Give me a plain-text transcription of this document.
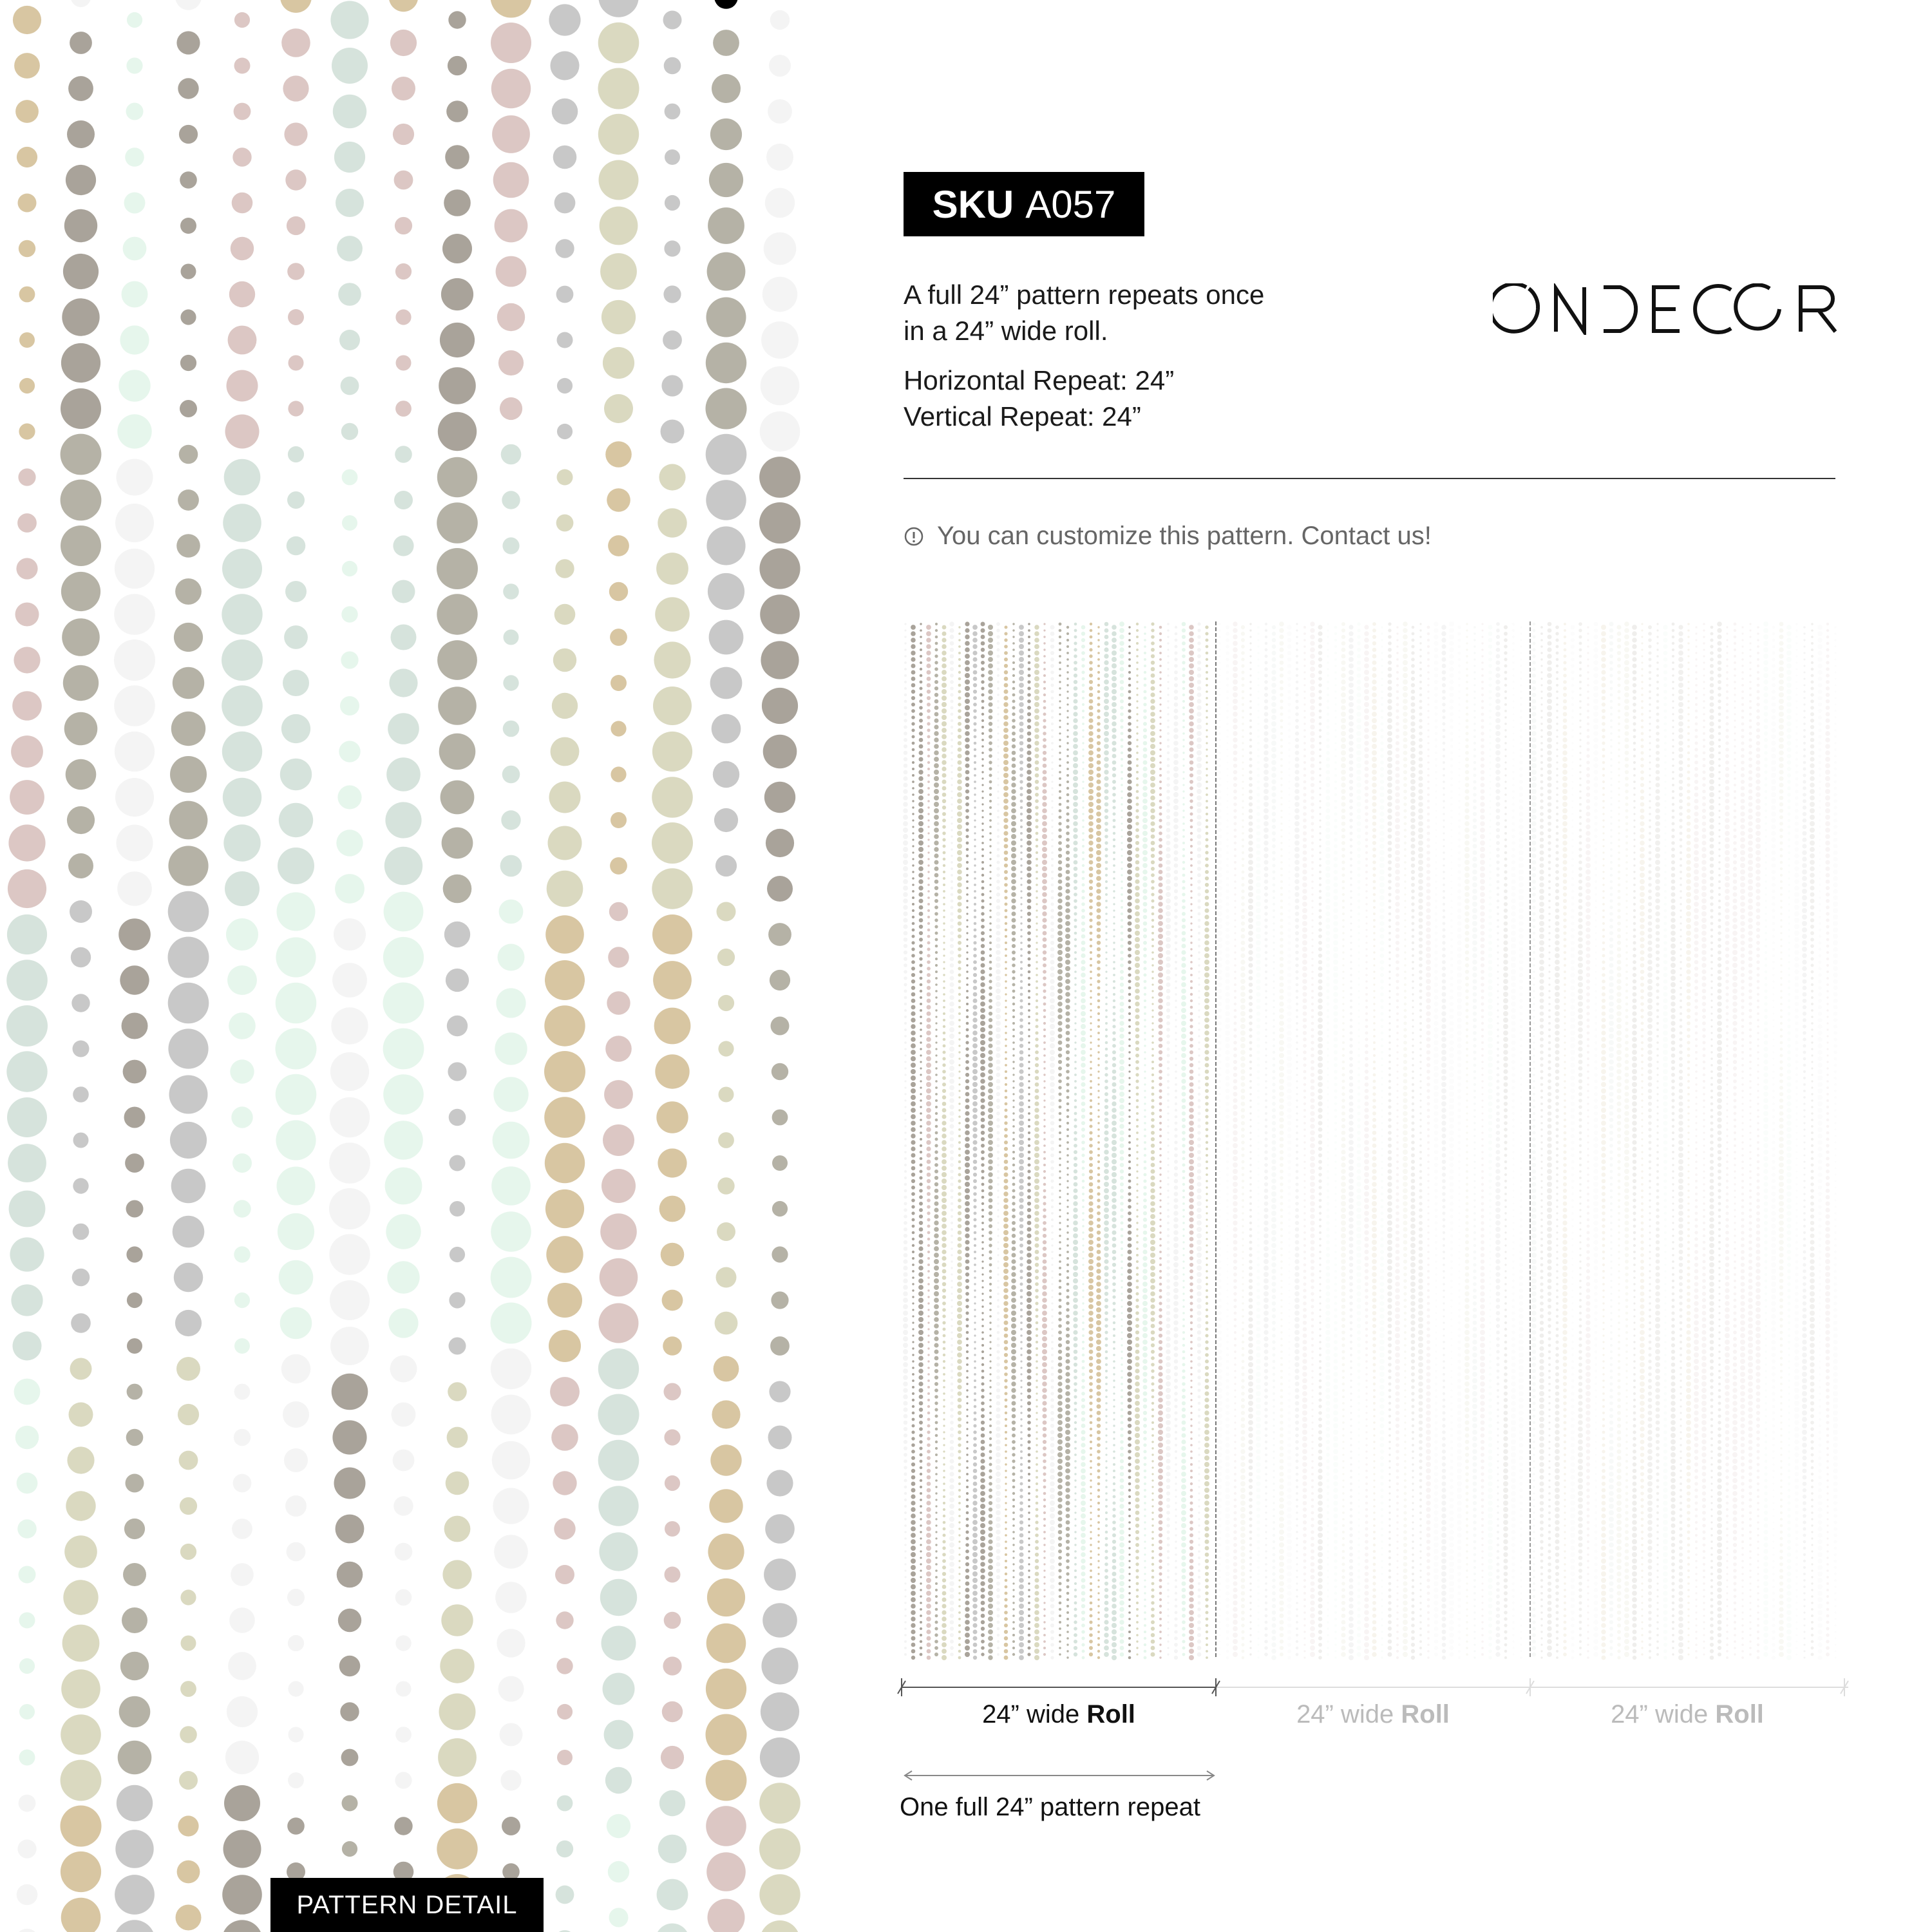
PATTERN DETAIL
SKU A057
A full 24” pattern repeats once
in a 24” wide roll.
Horizontal Repeat: 24”
Vertical Repeat: 24”
You can customize this pattern. Contact us!
24” wide Roll	24” wide Roll	24” wide Roll
One full 24” pattern repeat
